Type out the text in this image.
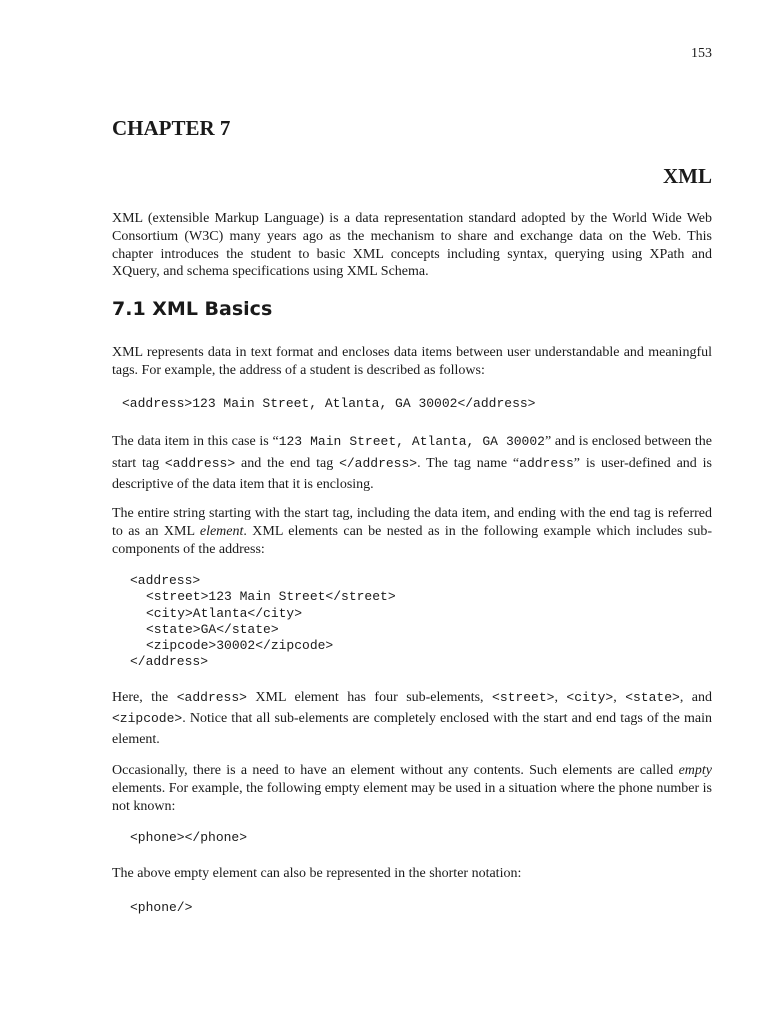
153
CHAPTER 7
XML

XML (extensible Markup Language) is a data representation standard adopted by the World Wide Web Consortium (W3C) many years ago as the mechanism to share and exchange data on the Web. This chapter introduces the student to basic XML concepts including syntax, querying using XPath and XQuery, and schema specifications using XML Schema.

7.1 XML Basics

XML represents data in text format and encloses data items between user understandable and meaningful tags. For example, the address of a student is described as follows:

<address>123 Main Street, Atlanta, GA 30002</address>

The data item in this case is “123 Main Street, Atlanta, GA 30002” and is enclosed between the start tag <address> and the end tag </address>. The tag name “address” is user-defined and is descriptive of the data item that it is enclosing.

The entire string starting with the start tag, including the data item, and ending with the end tag is referred to as an XML element. XML elements can be nested as in the following example which includes sub-components of the address:

<address>
<street>123 Main Street</street>
<city>Atlanta</city>
<state>GA</state>
<zipcode>30002</zipcode>
</address>

Here, the <address> XML element has four sub-elements, <street>, <city>, <state>, and <zipcode>. Notice that all sub-elements are completely enclosed with the start and end tags of the main element.

Occasionally, there is a need to have an element without any contents. Such elements are called empty elements. For example, the following empty element may be used in a situation where the phone number is not known:

<phone></phone>

The above empty element can also be represented in the shorter notation:

<phone/>
